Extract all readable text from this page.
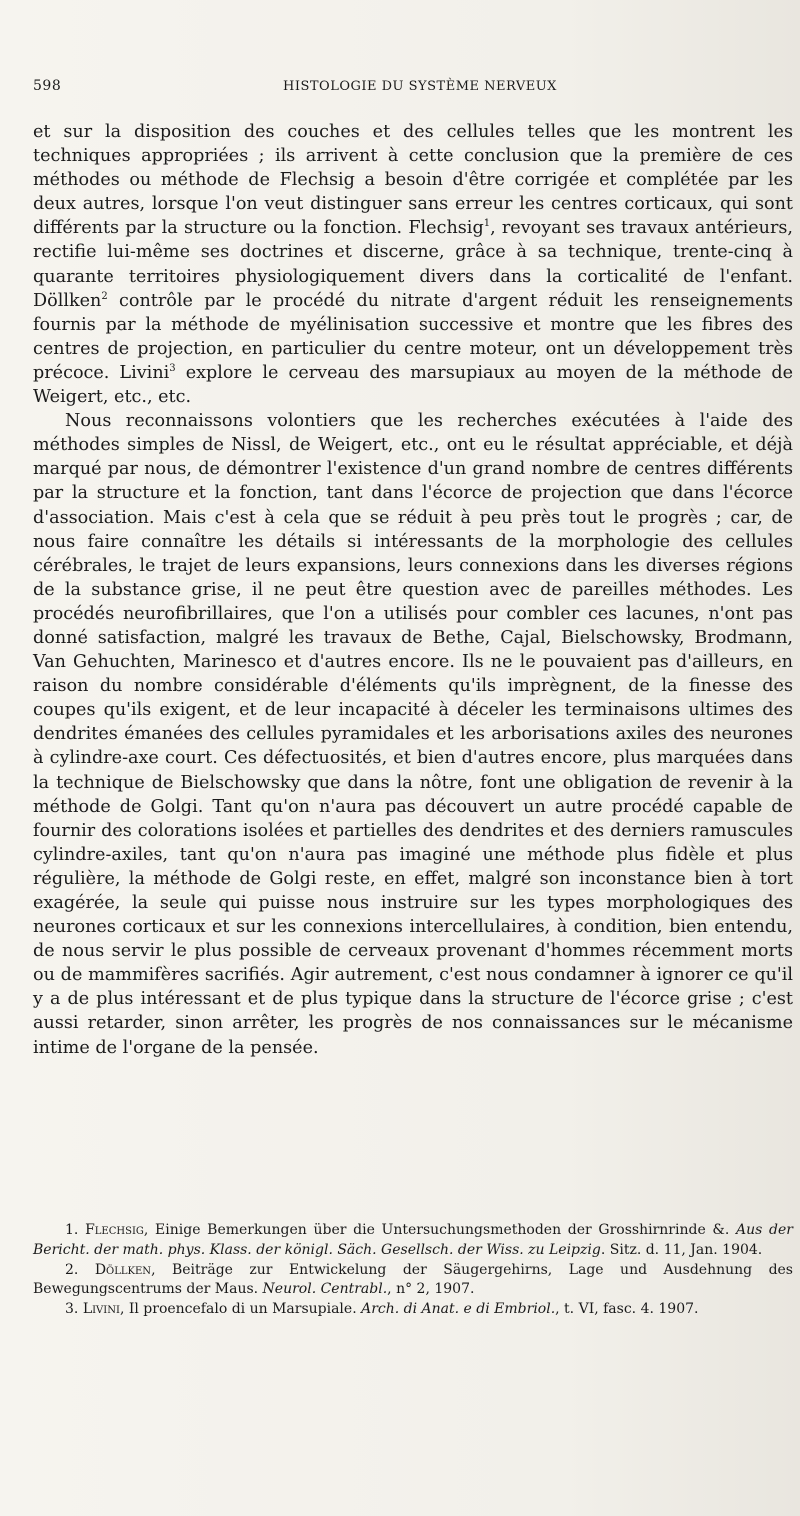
598	HISTOLOGIE DU SYSTÈME NERVEUX

et sur la disposition des couches et des cellules telles que les montrent les techniques appropriées ; ils arrivent à cette conclusion que la première de ces méthodes ou méthode de Flechsig a besoin d'être corrigée et complétée par les deux autres, lorsque l'on veut distinguer sans erreur les centres corticaux, qui sont différents par la structure ou la fonction. Flechsig$^1$, revoyant ses travaux antérieurs, rectifie lui-même ses doctrines et discerne, grâce à sa technique, trente-cinq à quarante territoires physiologiquement divers dans la corticalité de l'enfant. Döllken$^2$ contrôle par le procédé du nitrate d'argent réduit les renseignements fournis par la méthode de myélinisation successive et montre que les fibres des centres de projection, en particulier du centre moteur, ont un développement très précoce. Livini$^3$ explore le cerveau des marsupiaux au moyen de la méthode de Weigert, etc., etc.

Nous reconnaissons volontiers que les recherches exécutées à l'aide des méthodes simples de Nissl, de Weigert, etc., ont eu le résultat appréciable, et déjà marqué par nous, de démontrer l'existence d'un grand nombre de centres différents par la structure et la fonction, tant dans l'écorce de projection que dans l'écorce d'association. Mais c'est à cela que se réduit à peu près tout le progrès ; car, de nous faire connaître les détails si intéressants de la morphologie des cellules cérébrales, le trajet de leurs expansions, leurs connexions dans les diverses régions de la substance grise, il ne peut être question avec de pareilles méthodes. Les procédés neurofibrillaires, que l'on a utilisés pour combler ces lacunes, n'ont pas donné satisfaction, malgré les travaux de Bethe, Cajal, Bielschowsky, Brodmann, Van Gehuchten, Marinesco et d'autres encore. Ils ne le pouvaient pas d'ailleurs, en raison du nombre considérable d'éléments qu'ils imprègnent, de la finesse des coupes qu'ils exigent, et de leur incapacité à déceler les terminaisons ultimes des dendrites émanées des cellules pyramidales et les arborisations axiles des neurones à cylindre-axe court. Ces défectuosités, et bien d'autres encore, plus marquées dans la technique de Bielschowsky que dans la nôtre, font une obligation de revenir à la méthode de Golgi. Tant qu'on n'aura pas découvert un autre procédé capable de fournir des colorations isolées et partielles des dendrites et des derniers ramuscules cylindre-axiles, tant qu'on n'aura pas imaginé une méthode plus fidèle et plus régulière, la méthode de Golgi reste, en effet, malgré son inconstance bien à tort exagérée, la seule qui puisse nous instruire sur les types morphologiques des neurones corticaux et sur les connexions intercellulaires, à condition, bien entendu, de nous servir le plus possible de cerveaux provenant d'hommes récemment morts ou de mammifères sacrifiés. Agir autrement, c'est nous condamner à ignorer ce qu'il y a de plus intéressant et de plus typique dans la structure de l'écorce grise ; c'est aussi retarder, sinon arrêter, les progrès de nos connaissances sur le mécanisme intime de l'organe de la pensée.

1. Flechsig, Einige Bemerkungen über die Untersuchungsmethoden der Grosshirnrinde &. Aus der Bericht. der math. phys. Klass. der königl. Säch. Gesellsch. der Wiss. zu Leipzig. Sitz. d. 11, Jan. 1904.

2. Döllken, Beiträge zur Entwickelung der Säugergehirns, Lage und Ausdehnung des Bewegungscentrums der Maus. Neurol. Centrabl., n° 2, 1907.

3. Livini, Il proencefalo di un Marsupiale. Arch. di Anat. e di Embriol., t. VI, fasc. 4. 1907.
